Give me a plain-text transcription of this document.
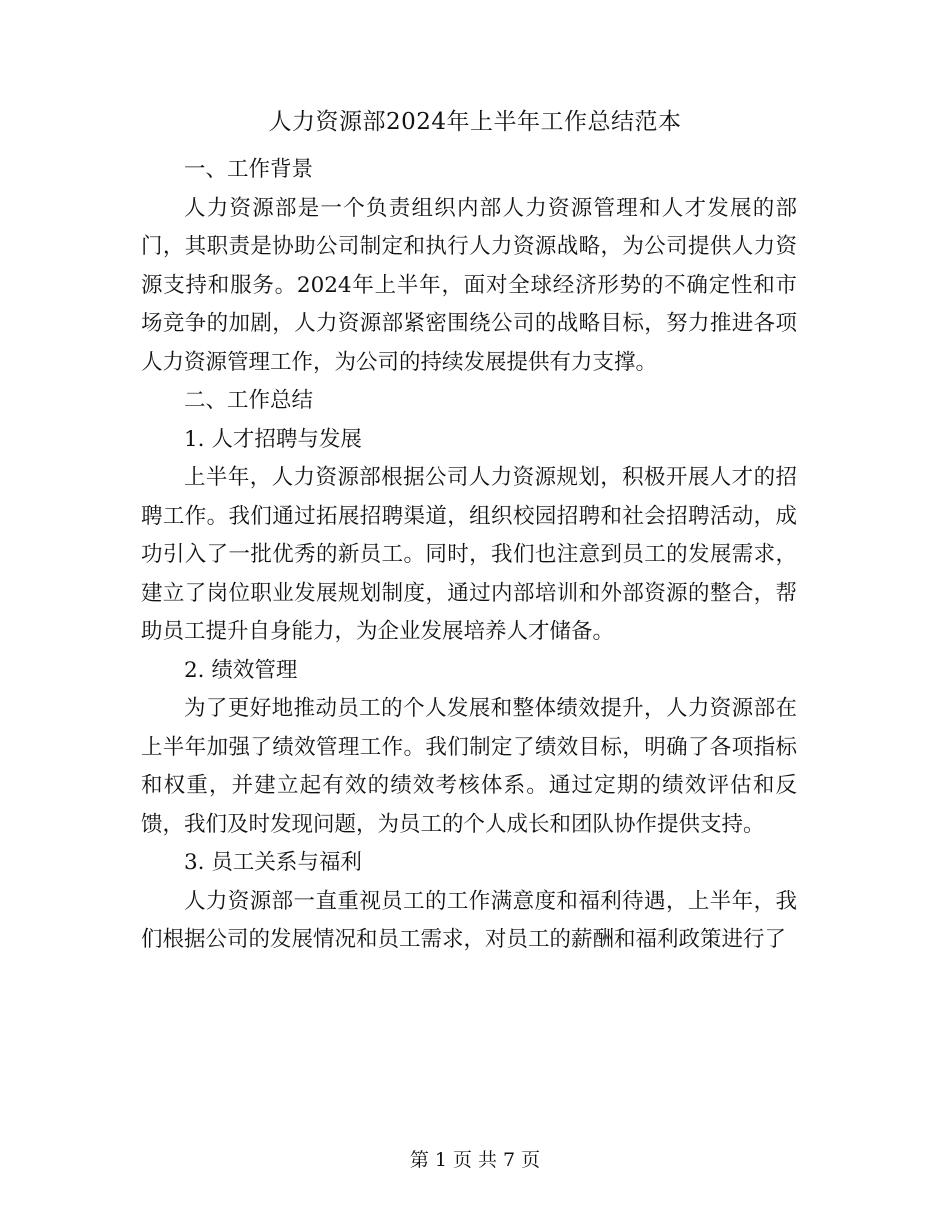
人力资源部2024年上半年工作总结范本

一、工作背景

人力资源部是一个负责组织内部人力资源管理和人才发展的部门，其职责是协助公司制定和执行人力资源战略，为公司提供人力资源支持和服务。2024年上半年，面对全球经济形势的不确定性和市场竞争的加剧，人力资源部紧密围绕公司的战略目标，努力推进各项人力资源管理工作，为公司的持续发展提供有力支撑。

二、工作总结

1. 人才招聘与发展

上半年，人力资源部根据公司人力资源规划，积极开展人才的招聘工作。我们通过拓展招聘渠道，组织校园招聘和社会招聘活动，成功引入了一批优秀的新员工。同时，我们也注意到员工的发展需求，建立了岗位职业发展规划制度，通过内部培训和外部资源的整合，帮助员工提升自身能力，为企业发展培养人才储备。

2. 绩效管理

为了更好地推动员工的个人发展和整体绩效提升，人力资源部在上半年加强了绩效管理工作。我们制定了绩效目标，明确了各项指标和权重，并建立起有效的绩效考核体系。通过定期的绩效评估和反馈，我们及时发现问题，为员工的个人成长和团队协作提供支持。

3. 员工关系与福利

人力资源部一直重视员工的工作满意度和福利待遇，上半年，我们根据公司的发展情况和员工需求，对员工的薪酬和福利政策进行了

第 1 页 共 7 页
